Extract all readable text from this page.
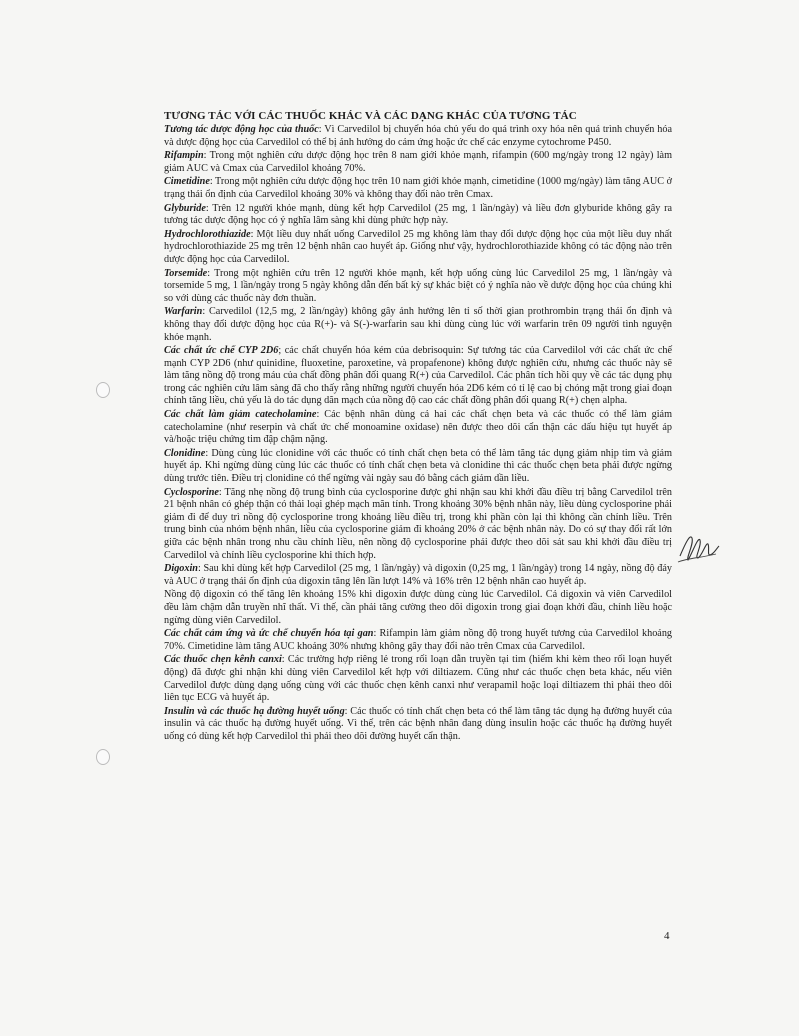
TƯƠNG TÁC VỚI CÁC THUỐC KHÁC VÀ CÁC DẠNG KHÁC CỦA TƯƠNG TÁC
Tương tác dược động học của thuốc: Vì Carvedilol bị chuyển hóa chủ yếu do quá trình oxy hóa nên quá trình chuyển hóa và dược động học của Carvedilol có thể bị ảnh hưởng do cảm ứng hoặc ức chế các enzyme cytochrome P450.
Rifampin: Trong một nghiên cứu dược động học trên 8 nam giới khỏe mạnh, rifampin (600 mg/ngày trong 12 ngày) làm giảm AUC và Cmax của Carvedilol khoảng 70%.
Cimetidine: Trong một nghiên cứu dược động học trên 10 nam giới khỏe mạnh, cimetidine (1000 mg/ngày) làm tăng AUC ở trạng thái ổn định của Carvedilol khoảng 30% và không thay đổi nào trên Cmax.
Glyburide: Trên 12 người khỏe mạnh, dùng kết hợp Carvedilol (25 mg, 1 lần/ngày) và liều đơn glyburide không gây ra tương tác dược động học có ý nghĩa lâm sàng khi dùng phức hợp này.
Hydrochlorothiazide: Một liều duy nhất uống Carvedilol 25 mg không làm thay đổi dược động học của một liều duy nhất hydrochlorothiazide 25 mg trên 12 bệnh nhân cao huyết áp. Giống như vậy, hydrochlorothiazide không có tác động nào trên dược động học của Carvedilol.
Torsemide: Trong một nghiên cứu trên 12 người khỏe mạnh, kết hợp uống cùng lúc Carvedilol 25 mg, 1 lần/ngày và torsemide 5 mg, 1 lần/ngày trong 5 ngày không dẫn đến bất kỳ sự khác biệt có ý nghĩa nào về dược động học của chúng khi so với dùng các thuốc này đơn thuần.
Warfarin: Carvedilol (12,5 mg, 2 lần/ngày) không gây ảnh hưởng lên tỉ số thời gian prothrombin trạng thái ổn định và không thay đổi dược động học của R(+)- và S(-)-warfarin sau khi dùng cùng lúc với warfarin trên 09 người tình nguyện khỏe mạnh.
Các chất ức chế CYP 2D6; các chất chuyển hóa kém của debrisoquin: Sự tương tác của Carvedilol với các chất ức chế mạnh CYP 2D6 (như quinidine, fluoxetine, paroxetine, và propafenone) không được nghiên cứu, nhưng các thuốc này sẽ làm tăng nồng độ trong máu của chất đồng phân đối quang R(+) của Carvedilol. Các phân tích hồi quy về các tác dụng phụ trong các nghiên cứu lâm sàng đã cho thấy rằng những người chuyển hóa 2D6 kém có tỉ lệ cao bị chóng mặt trong giai đoạn chỉnh tăng liều, chủ yếu là do tác dụng dãn mạch của nồng độ cao các chất đồng phân đối quang R(+) chẹn alpha.
Các chất làm giảm catecholamine: Các bệnh nhân dùng cả hai các chất chẹn beta và các thuốc có thể làm giảm catecholamine (như reserpin và chất ức chế monoamine oxidase) nên được theo dõi cẩn thận các dấu hiệu tụt huyết áp và/hoặc triệu chứng tim đập chậm nặng.
Clonidine: Dùng cùng lúc clonidine với các thuốc có tính chất chẹn beta có thể làm tăng tác dụng giảm nhịp tim và giảm huyết áp. Khi ngừng dùng cùng lúc các thuốc có tính chất chẹn beta và clonidine thì các thuốc chẹn beta phải được ngừng dùng trước tiên. Điều trị clonidine có thể ngừng vài ngày sau đó bằng cách giảm dần liều.
Cyclosporine: Tăng nhẹ nồng độ trung bình của cyclosporine được ghi nhận sau khi khởi đầu điều trị bằng Carvedilol trên 21 bệnh nhân có ghép thận có thải loại ghép mạch mãn tính. Trong khoảng 30% bệnh nhân này, liều dùng cyclosporine phải giảm đi để duy trì nồng độ cyclosporine trong khoảng liều điều trị, trong khi phần còn lại thì không cần chỉnh liều. Trên trung bình của nhóm bệnh nhân, liều của cyclosporine giảm đi khoảng 20% ở các bệnh nhân này. Do có sự thay đổi rất lớn giữa các bệnh nhân trong nhu cầu chỉnh liều, nên nồng độ cyclosporine phải được theo dõi sát sau khi khởi đầu điều trị Carvedilol và chỉnh liều cyclosporine khi thích hợp.
Digoxin: Sau khi dùng kết hợp Carvedilol (25 mg, 1 lần/ngày) và digoxin (0,25 mg, 1 lần/ngày) trong 14 ngày, nồng độ đáy và AUC ở trạng thái ổn định của digoxin tăng lên lần lượt 14% và 16% trên 12 bệnh nhân cao huyết áp.
Nồng độ digoxin có thể tăng lên khoảng 15% khi digoxin được dùng cùng lúc Carvedilol. Cả digoxin và viên Carvedilol đều làm chậm dẫn truyền nhĩ thất. Vì thế, cần phải tăng cường theo dõi digoxin trong giai đoạn khởi đầu, chỉnh liều hoặc ngừng dùng viên Carvedilol.
Các chất cảm ứng và ức chế chuyển hóa tại gan: Rifampin làm giảm nồng độ trong huyết tương của Carvedilol khoảng 70%. Cimetidine làm tăng AUC khoảng 30% nhưng không gây thay đổi nào trên Cmax của Carvedilol.
Các thuốc chẹn kênh canxi: Các trường hợp riêng lẻ trong rối loạn dẫn truyền tại tim (hiếm khi kèm theo rối loạn huyết động) đã được ghi nhận khi dùng viên Carvedilol kết hợp với diltiazem. Cũng như các thuốc chẹn beta khác, nếu viên Carvedilol được dùng dạng uống cùng với các thuốc chẹn kênh canxi như verapamil hoặc loại diltiazem thì phải theo dõi liên tục ECG và huyết áp.
Insulin và các thuốc hạ đường huyết uống: Các thuốc có tính chất chẹn beta có thể làm tăng tác dụng hạ đường huyết của insulin và các thuốc hạ đường huyết uống. Vì thế, trên các bệnh nhân đang dùng insulin hoặc các thuốc hạ đường huyết uống có dùng kết hợp Carvedilol thì phải theo dõi đường huyết cẩn thận.
4
